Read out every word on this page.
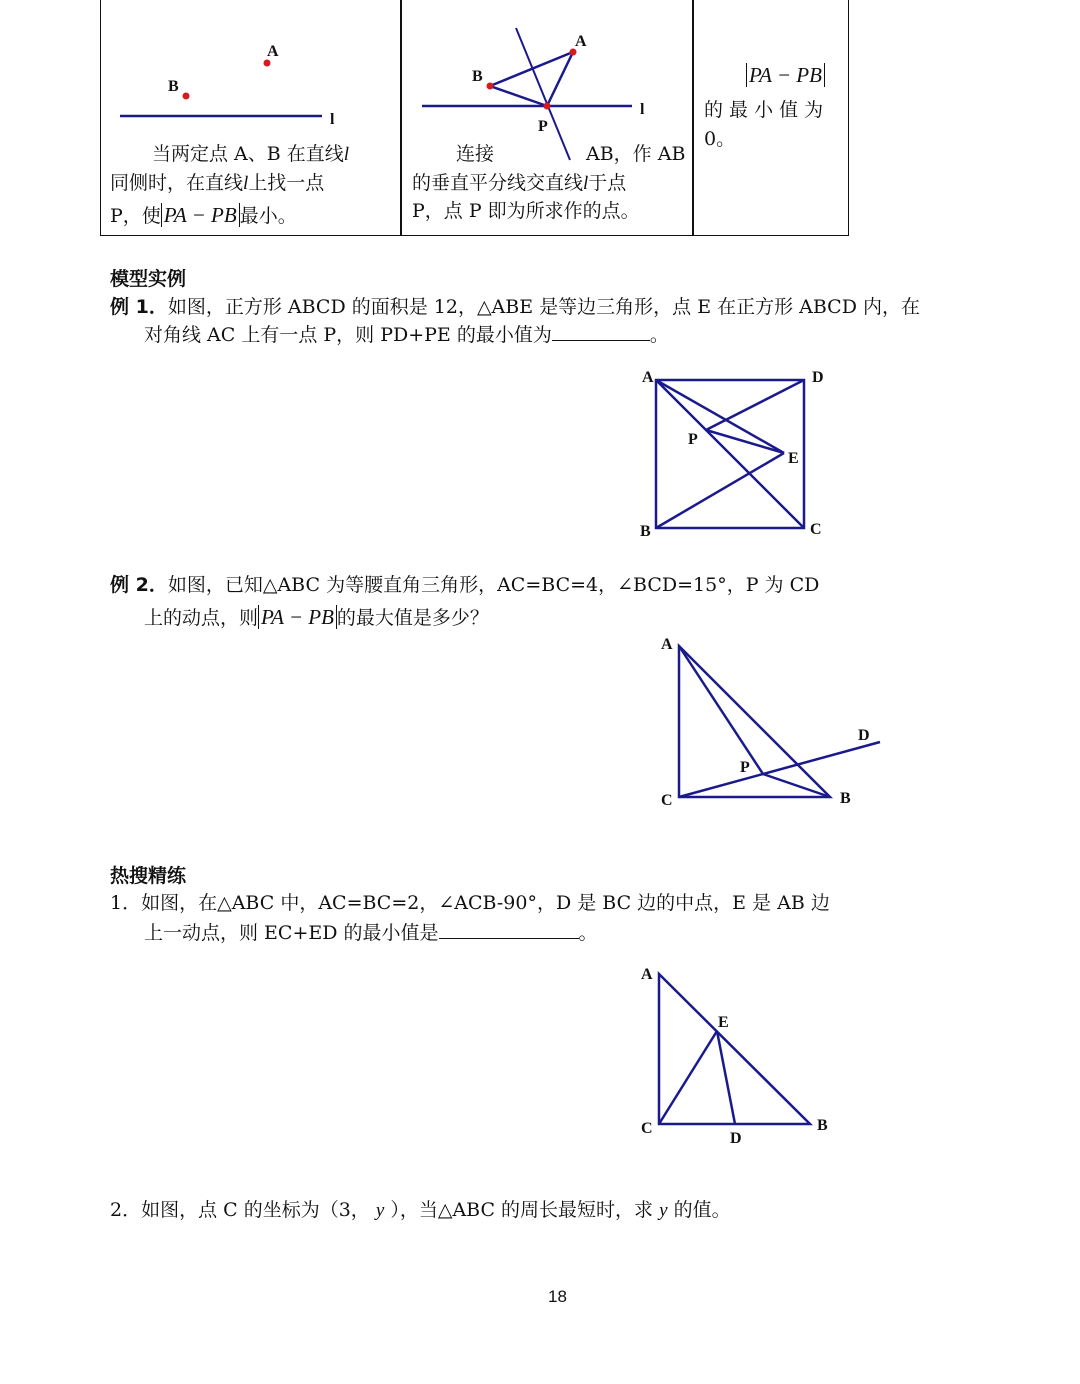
A
B
l
当两定点 A、B 在直线l
同侧时，在直线l上找一点
P，使 PA − PB 最小。
A
B
P
l
连接	AB，作 AB
的垂直平分线交直线l于点
P，点 P 即为所求作的点。
PA − PB
的 最 小 值 为
0。
模型实例
例 1．如图，正方形 ABCD 的面积是 12，△ABE 是等边三角形，点 E 在正方形 ABCD 内，在
对角线 AC 上有一点 P，则 PD+PE 的最小值为	。
A	D
B	C
E
P
例 2．如图，已知△ABC 为等腰直角三角形，AC=BC=4，∠BCD=15°，P 为 CD
上的动点，则 PA − PB 的最大值是多少？
A
C	B
D
P
热搜精练
1．如图，在△ABC 中，AC=BC=2，∠ACB-90°，D 是 BC 边的中点，E 是 AB 边
上一动点，则 EC+ED 的最小值是	。
A
E
C
D
B
2．如图，点 C 的坐标为（3， y ），当△ABC 的周长最短时，求 y 的值。
18
